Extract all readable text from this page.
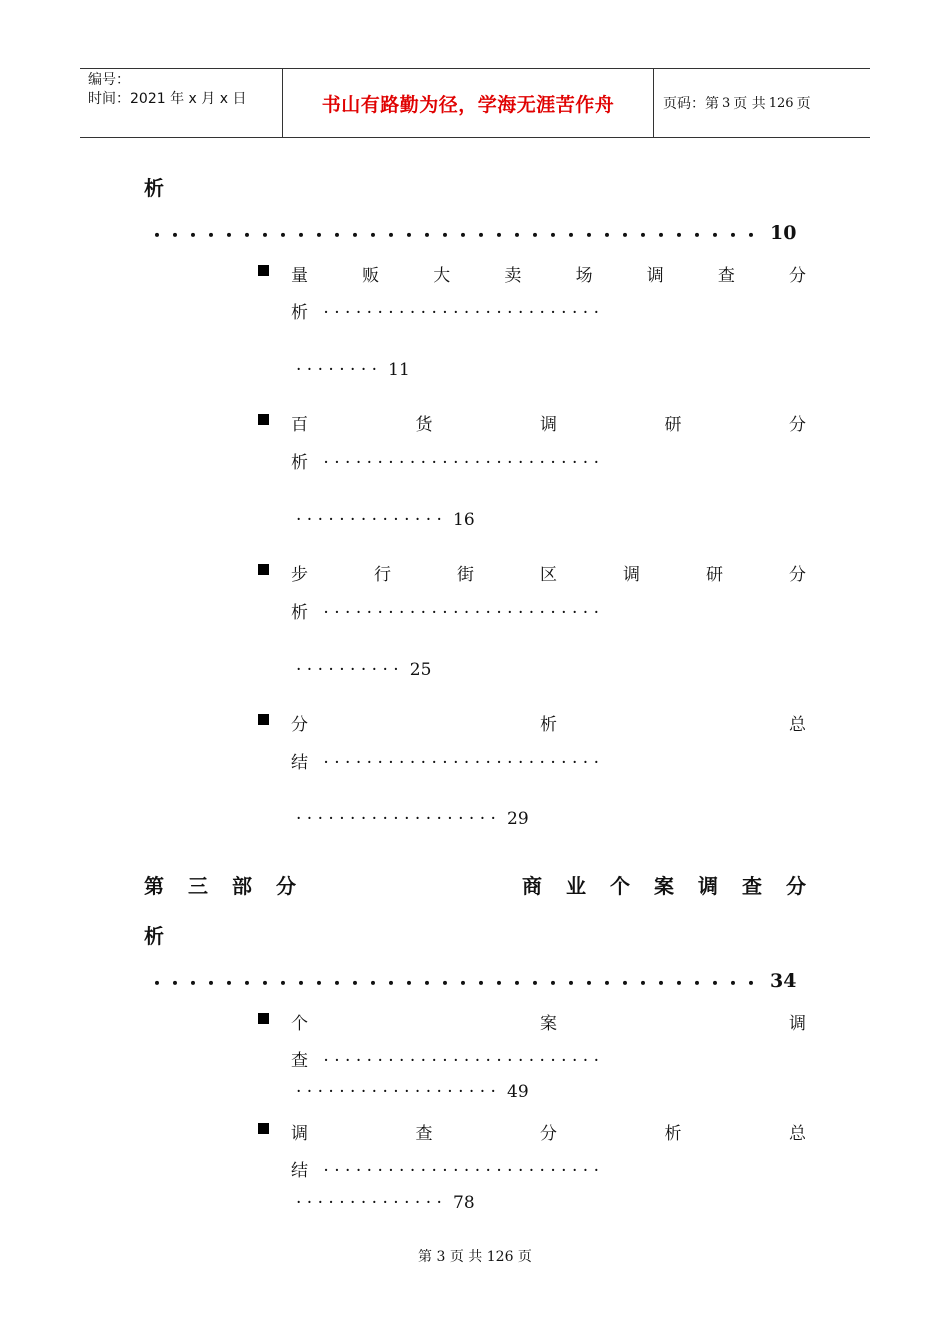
编号：
时间：2021 年 x 月 x 日	书山有路勤为径，学海无涯苦作舟	页码：第 3 页 共 126 页
析
・・・・・・・・・・・・・・・・・・・・・・・・・・・・・・・・・・ 10
量	贩	大	卖	场	调	查	分
析 · · · · · · · · · · · · · · · · · · · · · · · · · ·
· · · · · · · · 11
百	货	调	研	分
析 · · · · · · · · · · · · · · · · · · · · · · · · · ·
· · · · · · · · · · · · · · 16
步	行	街	区	调	研	分
析 · · · · · · · · · · · · · · · · · · · · · · · · · ·
· · · · · · · · · · 25
分	析	总
结 · · · · · · · · · · · · · · · · · · · · · · · · · ·
· · · · · · · · · · · · · · · · · · · 29
第 三 部 分	商 业 个 案 调 查 分
析
・・・・・・・・・・・・・・・・・・・・・・・・・・・・・・・・・・ 34
个	案	调
查 · · · · · · · · · · · · · · · · · · · · · · · · · ·
· · · · · · · · · · · · · · · · · · · 49
调	查	分	析	总
结 · · · · · · · · · · · · · · · · · · · · · · · · · ·
· · · · · · · · · · · · · · 78
第 3 页 共 126 页
